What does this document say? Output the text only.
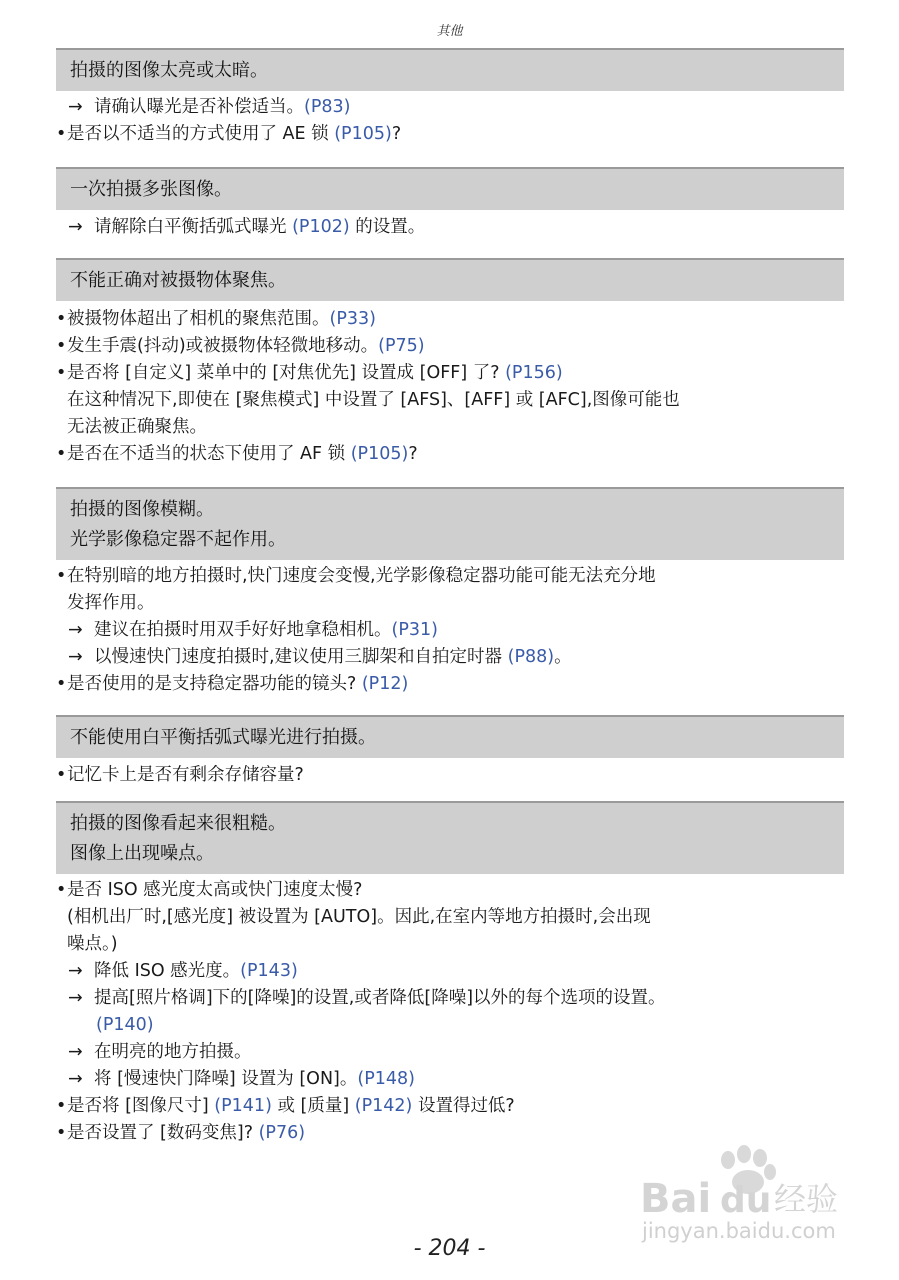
其他
拍摄的图像太亮或太暗。
一次拍摄多张图像。
不能正确对被摄物体聚焦。
拍摄的图像模糊。
光学影像稳定器不起作用。
不能使用白平衡括弧式曝光进行拍摄。
拍摄的图像看起来很粗糙。
图像上出现噪点。
→ 请确认曝光是否补偿适当。(P83)
• 是否以不适当的方式使用了 AE 锁 (P105)?
→ 请解除白平衡括弧式曝光 (P102) 的设置。
• 被摄物体超出了相机的聚焦范围。(P33)
• 发生手震(抖动)或被摄物体轻微地移动。(P75)
• 是否将 [自定义] 菜单中的 [对焦优先] 设置成 [OFF] 了? (P156)
在这种情况下,即使在 [聚焦模式] 中设置了 [AFS]、[AFF] 或 [AFC],图像可能也
无法被正确聚焦。
• 是否在不适当的状态下使用了 AF 锁 (P105)?
• 在特别暗的地方拍摄时,快门速度会变慢,光学影像稳定器功能可能无法充分地
发挥作用。
→ 建议在拍摄时用双手好好地拿稳相机。(P31)
→ 以慢速快门速度拍摄时,建议使用三脚架和自拍定时器 (P88)。
• 是否使用的是支持稳定器功能的镜头? (P12)
• 记忆卡上是否有剩余存储容量?
• 是否 ISO 感光度太高或快门速度太慢?
(相机出厂时,[感光度] 被设置为 [AUTO]。因此,在室内等地方拍摄时,会出现
噪点。)
→ 降低 ISO 感光度。(P143)
→ 提高[照片格调]下的[降噪]的设置,或者降低[降噪]以外的每个选项的设置。
(P140)
→ 在明亮的地方拍摄。
→ 将 [慢速快门降噪] 设置为 [ON]。(P148)
• 是否将 [图像尺寸] (P141) 或 [质量] (P142) 设置得过低?
• 是否设置了 [数码变焦]? (P76)
Bai du 经验
jingyan.baidu.com
- 204 -
